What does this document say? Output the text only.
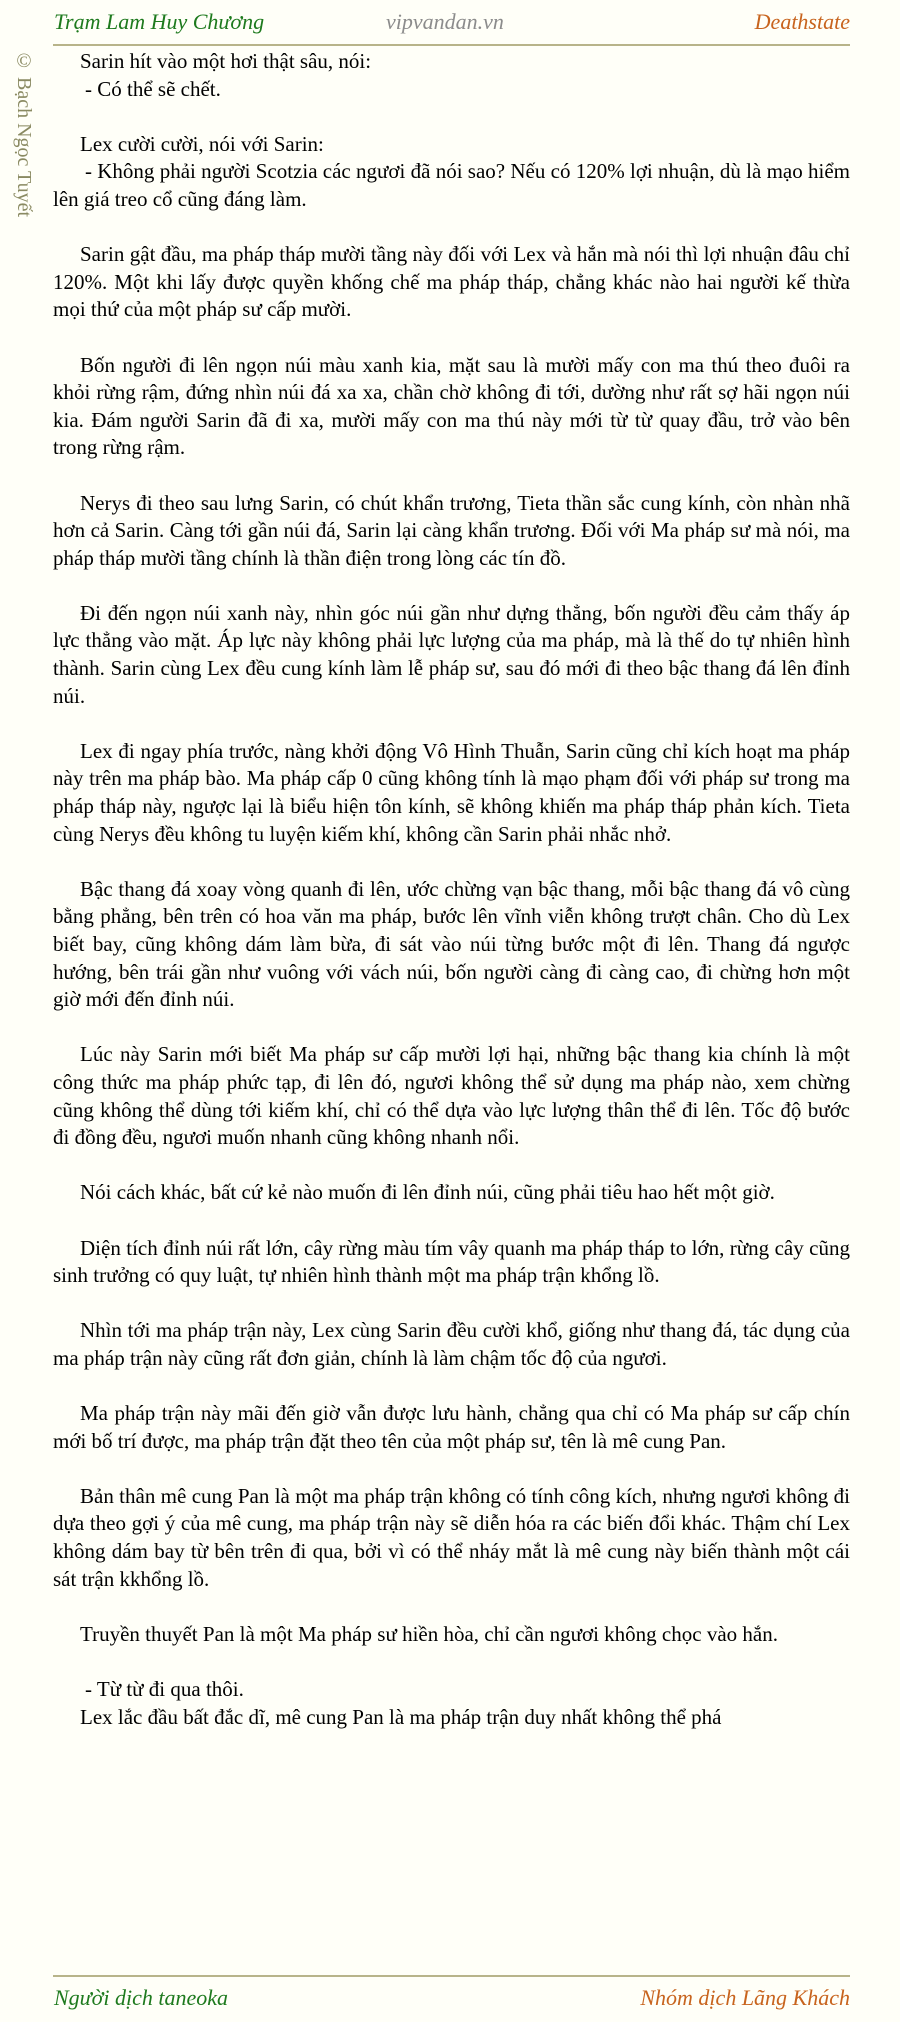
Trạm Lam Huy Chương	vipvandan.vn	Deathstate
© Bạch Ngọc Tuyết	Sarin hít vào một hơi thật sâu, nói:

- Có thể sẽ chết.

Lex cười cười, nói với Sarin:

- Không phải người Scotzia các ngươi đã nói sao? Nếu có 120% lợi nhuận, dù là mạo hiểm lên giá treo cổ cũng đáng làm.

Sarin gật đầu, ma pháp tháp mười tầng này đối với Lex và hắn mà nói thì lợi nhuận đâu chỉ 120%. Một khi lấy được quyền khống chế ma pháp tháp, chẳng khác nào hai người kế thừa mọi thứ của một pháp sư cấp mười.

Bốn người đi lên ngọn núi màu xanh kia, mặt sau là mười mấy con ma thú theo đuôi ra khỏi rừng rậm, đứng nhìn núi đá xa xa, chần chờ không đi tới, dường như rất sợ hãi ngọn núi kia. Đám người Sarin đã đi xa, mười mấy con ma thú này mới từ từ quay đầu, trở vào bên trong rừng rậm.

Nerys đi theo sau lưng Sarin, có chút khẩn trương, Tieta thần sắc cung kính, còn nhàn nhã hơn cả Sarin. Càng tới gần núi đá, Sarin lại càng khẩn trương. Đối với Ma pháp sư mà nói, ma pháp tháp mười tầng chính là thần điện trong lòng các tín đồ.

Đi đến ngọn núi xanh này, nhìn góc núi gần như dựng thẳng, bốn người đều cảm thấy áp lực thẳng vào mặt. Áp lực này không phải lực lượng của ma pháp, mà là thế do tự nhiên hình thành. Sarin cùng Lex đều cung kính làm lễ pháp sư, sau đó mới đi theo bậc thang đá lên đỉnh núi.

Lex đi ngay phía trước, nàng khởi động Vô Hình Thuẫn, Sarin cũng chỉ kích hoạt ma pháp này trên ma pháp bào. Ma pháp cấp 0 cũng không tính là mạo phạm đối với pháp sư trong ma pháp tháp này, ngược lại là biểu hiện tôn kính, sẽ không khiến ma pháp tháp phản kích. Tieta cùng Nerys đều không tu luyện kiếm khí, không cần Sarin phải nhắc nhở.

Bậc thang đá xoay vòng quanh đi lên, ước chừng vạn bậc thang, mỗi bậc thang đá vô cùng bằng phẳng, bên trên có hoa văn ma pháp, bước lên vĩnh viễn không trượt chân. Cho dù Lex biết bay, cũng không dám làm bừa, đi sát vào núi từng bước một đi lên. Thang đá ngược hướng, bên trái gần như vuông với vách núi, bốn người càng đi càng cao, đi chừng hơn một giờ mới đến đỉnh núi.

Lúc này Sarin mới biết Ma pháp sư cấp mười lợi hại, những bậc thang kia chính là một công thức ma pháp phức tạp, đi lên đó, ngươi không thể sử dụng ma pháp nào, xem chừng cũng không thể dùng tới kiếm khí, chỉ có thể dựa vào lực lượng thân thể đi lên. Tốc độ bước đi đồng đều, ngươi muốn nhanh cũng không nhanh nổi.

Nói cách khác, bất cứ kẻ nào muốn đi lên đỉnh núi, cũng phải tiêu hao hết một giờ.

Diện tích đỉnh núi rất lớn, cây rừng màu tím vây quanh ma pháp tháp to lớn, rừng cây cũng sinh trưởng có quy luật, tự nhiên hình thành một ma pháp trận khổng lồ.

Nhìn tới ma pháp trận này, Lex cùng Sarin đều cười khổ, giống như thang đá, tác dụng của ma pháp trận này cũng rất đơn giản, chính là làm chậm tốc độ của ngươi.

Ma pháp trận này mãi đến giờ vẫn được lưu hành, chẳng qua chỉ có Ma pháp sư cấp chín mới bố trí được, ma pháp trận đặt theo tên của một pháp sư, tên là mê cung Pan.

Bản thân mê cung Pan là một ma pháp trận không có tính công kích, nhưng ngươi không đi dựa theo gợi ý của mê cung, ma pháp trận này sẽ diễn hóa ra các biến đổi khác. Thậm chí Lex không dám bay từ bên trên đi qua, bởi vì có thể nháy mắt là mê cung này biến thành một cái sát trận kkhổng lồ.

Truyền thuyết Pan là một Ma pháp sư hiền hòa, chỉ cần ngươi không chọc vào hắn.

- Từ từ đi qua thôi.

Lex lắc đầu bất đắc dĩ, mê cung Pan là ma pháp trận duy nhất không thể phá

Người dịch taneoka	Nhóm dịch Lãng Khách
